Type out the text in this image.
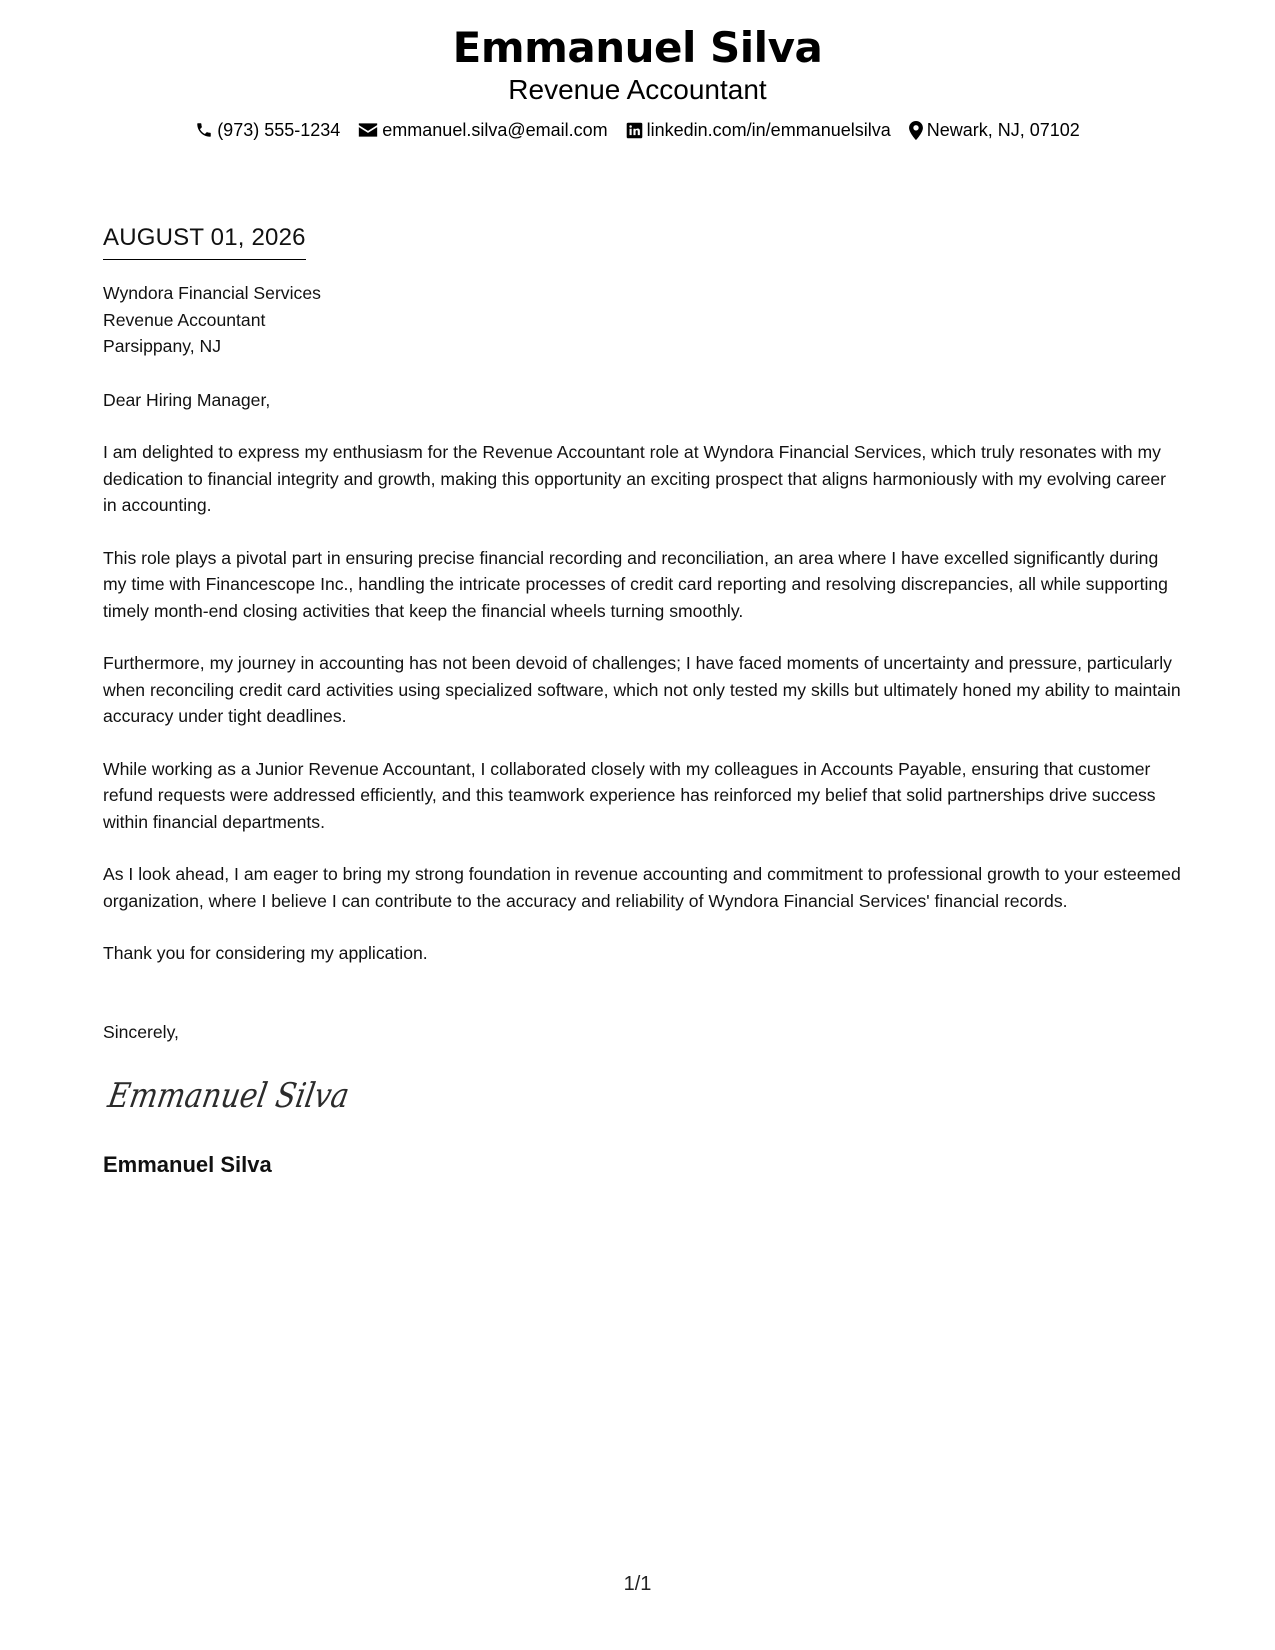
Emmanuel Silva
Revenue Accountant
(973) 555-1234 emmanuel.silva@email.com linkedin.com/in/emmanuelsilva Newark, NJ, 07102
AUGUST 01, 2026
Wyndora Financial Services
Revenue Accountant
Parsippany, NJ
Dear Hiring Manager,

I am delighted to express my enthusiasm for the Revenue Accountant role at Wyndora Financial Services, which truly resonates with my dedication to financial integrity and growth, making this opportunity an exciting prospect that aligns harmoniously with my evolving career in accounting.

This role plays a pivotal part in ensuring precise financial recording and reconciliation, an area where I have excelled significantly during my time with Financescope Inc., handling the intricate processes of credit card reporting and resolving discrepancies, all while supporting timely month-end closing activities that keep the financial wheels turning smoothly.

Furthermore, my journey in accounting has not been devoid of challenges; I have faced moments of uncertainty and pressure, particularly when reconciling credit card activities using specialized software, which not only tested my skills but ultimately honed my ability to maintain accuracy under tight deadlines.

While working as a Junior Revenue Accountant, I collaborated closely with my colleagues in Accounts Payable, ensuring that customer refund requests were addressed efficiently, and this teamwork experience has reinforced my belief that solid partnerships drive success within financial departments.

As I look ahead, I am eager to bring my strong foundation in revenue accounting and commitment to professional growth to your esteemed organization, where I believe I can contribute to the accuracy and reliability of Wyndora Financial Services' financial records.

Thank you for considering my application.

Sincerely,
Emmanuel Silva
Emmanuel Silva
1/1
